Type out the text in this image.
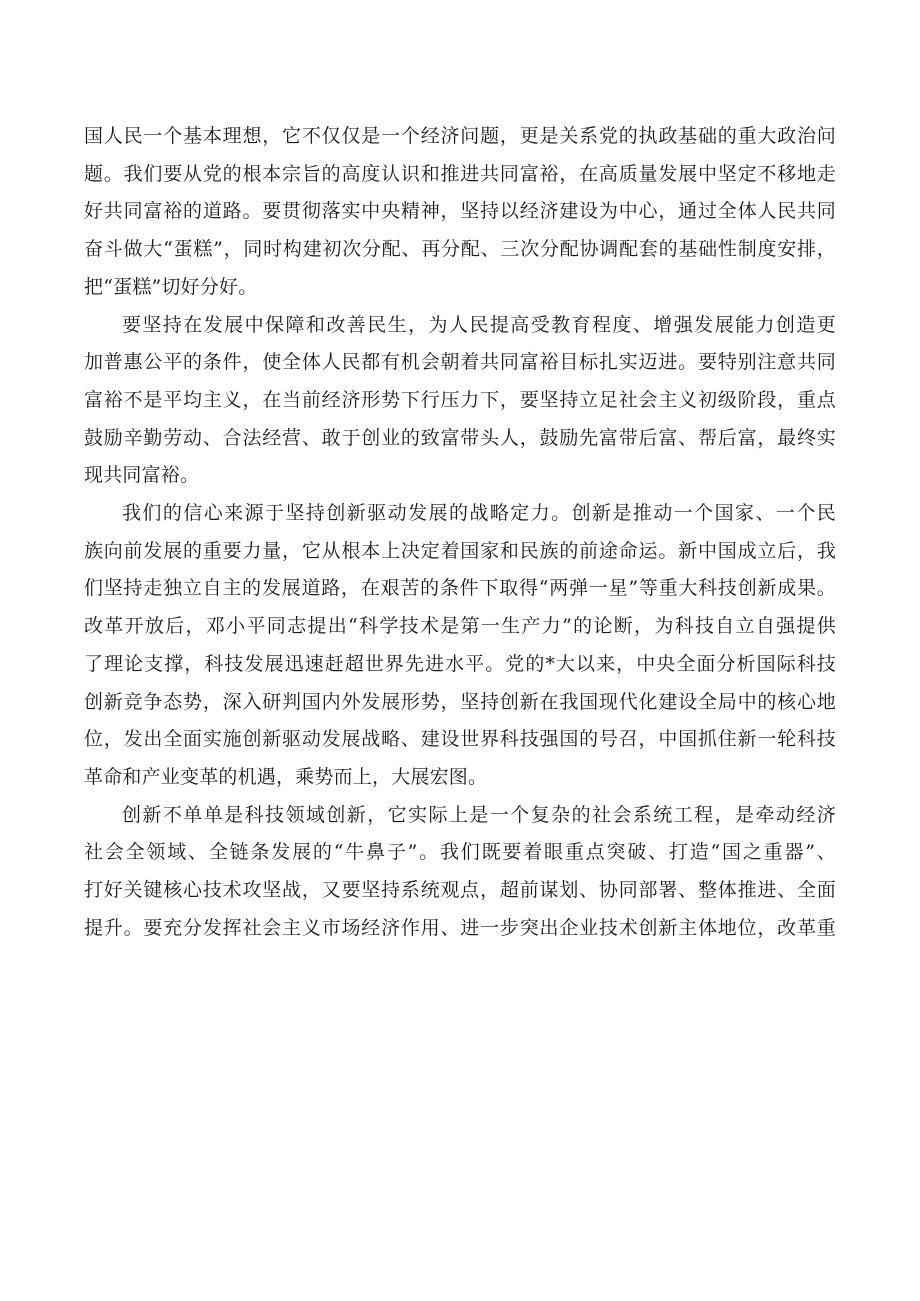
国人民一个基本理想，它不仅仅是一个经济问题，更是关系党的执政基础的重大政治问
题。我们要从党的根本宗旨的高度认识和推进共同富裕，在高质量发展中坚定不移地走
好共同富裕的道路。要贯彻落实中央精神，坚持以经济建设为中心，通过全体人民共同
奋斗做大“蛋糕”，同时构建初次分配、再分配、三次分配协调配套的基础性制度安排，
把“蛋糕”切好分好。

要坚持在发展中保障和改善民生，为人民提高受教育程度、增强发展能力创造更
加普惠公平的条件，使全体人民都有机会朝着共同富裕目标扎实迈进。要特别注意共同
富裕不是平均主义，在当前经济形势下行压力下，要坚持立足社会主义初级阶段，重点
鼓励辛勤劳动、合法经营、敢于创业的致富带头人，鼓励先富带后富、帮后富，最终实
现共同富裕。

我们的信心来源于坚持创新驱动发展的战略定力。创新是推动一个国家、一个民
族向前发展的重要力量，它从根本上决定着国家和民族的前途命运。新中国成立后，我
们坚持走独立自主的发展道路，在艰苦的条件下取得“两弹一星”等重大科技创新成果。
改革开放后，邓小平同志提出“科学技术是第一生产力”的论断，为科技自立自强提供
了理论支撑，科技发展迅速赶超世界先进水平。党的*大以来，中央全面分析国际科技
创新竞争态势，深入研判国内外发展形势，坚持创新在我国现代化建设全局中的核心地
位，发出全面实施创新驱动发展战略、建设世界科技强国的号召，中国抓住新一轮科技
革命和产业变革的机遇，乘势而上，大展宏图。

创新不单单是科技领域创新，它实际上是一个复杂的社会系统工程，是牵动经济
社会全领域、全链条发展的“牛鼻子”。我们既要着眼重点突破、打造“国之重器”、
打好关键核心技术攻坚战，又要坚持系统观点，超前谋划、协同部署、整体推进、全面
提升。要充分发挥社会主义市场经济作用、进一步突出企业技术创新主体地位，改革重
